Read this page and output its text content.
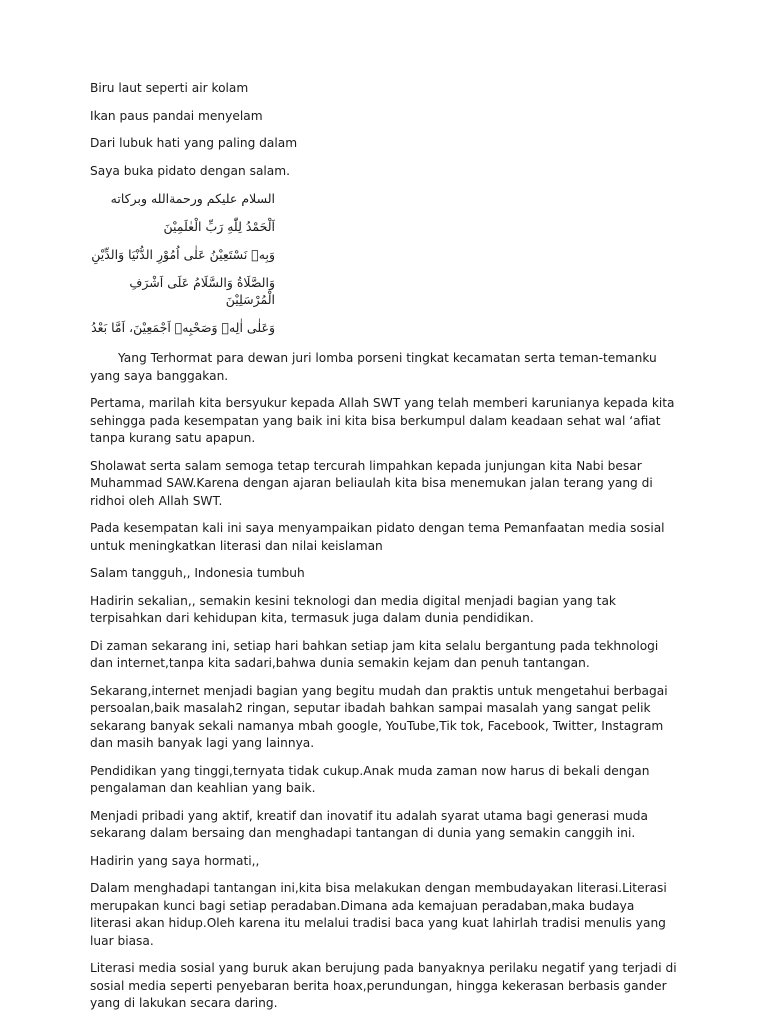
Biru laut seperti air kolam

Ikan paus pandai menyelam

Dari lubuk hati yang paling dalam

Saya buka pidato dengan salam.

السلام عليكم ورحمةالله وبركاته

اَلْحَمْدُ لِلّٰهِ رَبِّ الْعٰلَمِيْنَ

وَبِهٖ نَسْتَعِيْنُ عَلٰى اُمُوْرِ الدُّنْيَا وَالدِّيْنِ

وَالصَّلَاةُ وَالسَّلَامُ عَلَى اَشْرَفِ الْمُرْسَلِيْنَ

وَعَلٰى اٰلِهٖ وَصَحْبِهٖ اَجْمَعِيْنَ، اَمَّا بَعْدُ

Yang Terhormat para dewan juri lomba porseni tingkat kecamatan serta teman-temanku yang saya banggakan.

Pertama, marilah kita bersyukur kepada Allah SWT yang telah memberi karunianya kepada kita sehingga pada kesempatan yang baik ini kita bisa berkumpul dalam keadaan sehat wal ‘afiat tanpa kurang satu apapun.

Sholawat serta salam semoga tetap tercurah limpahkan kepada junjungan kita Nabi besar Muhammad SAW.Karena dengan ajaran beliaulah kita bisa menemukan jalan terang yang di ridhoi oleh Allah SWT.

Pada kesempatan kali ini saya menyampaikan pidato dengan tema Pemanfaatan media sosial untuk meningkatkan literasi dan nilai keislaman

Salam tangguh,, Indonesia tumbuh

Hadirin sekalian,, semakin kesini teknologi dan media digital menjadi bagian yang tak terpisahkan dari kehidupan kita, termasuk juga dalam dunia pendidikan.

Di zaman sekarang ini, setiap hari bahkan setiap jam kita selalu bergantung pada tekhnologi dan internet,tanpa kita sadari,bahwa dunia semakin kejam dan penuh tantangan.

Sekarang,internet menjadi bagian yang begitu mudah dan praktis untuk mengetahui berbagai persoalan,baik masalah2 ringan, seputar ibadah bahkan sampai masalah yang sangat pelik sekarang banyak sekali namanya mbah google, YouTube,Tik tok, Facebook, Twitter, Instagram dan masih banyak lagi yang lainnya.

Pendidikan yang tinggi,ternyata tidak cukup.Anak muda zaman now harus di bekali dengan pengalaman dan keahlian yang baik.

Menjadi pribadi yang aktif, kreatif dan inovatif itu adalah syarat utama bagi generasi muda sekarang dalam bersaing dan menghadapi tantangan di dunia yang semakin canggih ini.

Hadirin yang saya hormati,,

Dalam menghadapi tantangan ini,kita bisa melakukan dengan membudayakan literasi.Literasi merupakan kunci bagi setiap peradaban.Dimana ada kemajuan peradaban,maka budaya literasi akan hidup.Oleh karena itu melalui tradisi baca yang kuat lahirlah tradisi menulis yang luar biasa.

Literasi media sosial yang buruk akan berujung pada banyaknya perilaku negatif yang terjadi di sosial media seperti penyebaran berita hoax,perundungan, hingga kekerasan berbasis gander yang di lakukan secara daring.
